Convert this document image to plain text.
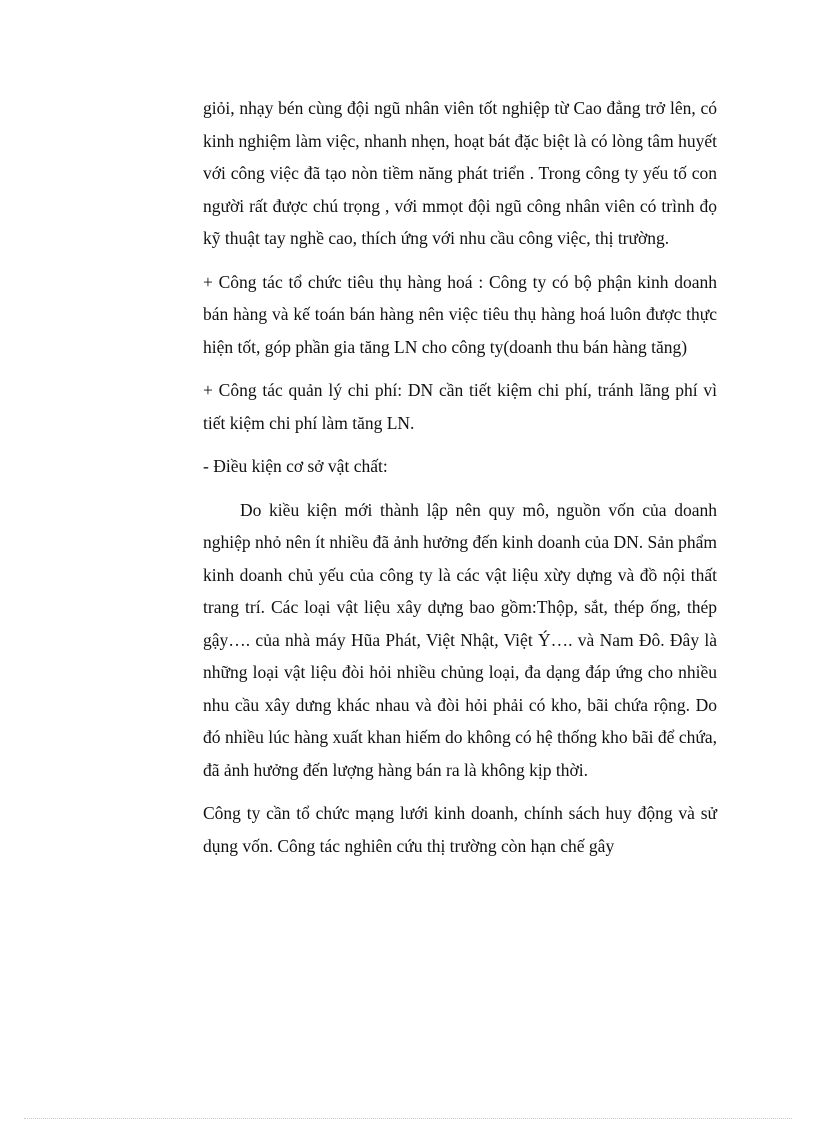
giỏi, nhạy bén cùng đội ngũ nhân viên tốt nghiệp từ Cao đẳng trở lên, có kinh nghiệm làm việc, nhanh nhẹn, hoạt bát đặc biệt là có lòng tâm huyết với công việc đã tạo nòn tiềm năng phát triển . Trong công ty yếu tố con người rất được chú trọng , với mmọt đội ngũ công nhân viên có trình đọ kỹ thuật tay nghề cao, thích ứng với nhu cầu công việc, thị trường.

+ Công tác tổ chức tiêu thụ hàng hoá : Công ty có bộ phận kinh doanh bán hàng và kế toán bán hàng nên việc tiêu thụ hàng hoá luôn được thực hiện tốt, góp phần gia tăng LN cho công ty(doanh thu bán hàng tăng)

+ Công tác quản lý chi phí: DN cần tiết kiệm chi phí, tránh lãng phí vì tiết kiệm chi phí làm tăng LN.

- Điều kiện cơ sở vật chất:

Do kiều kiện mới thành lập nên quy mô, nguồn vốn của doanh nghiệp nhỏ nên ít nhiều đã ảnh hưởng đến kinh doanh của DN. Sản phẩm kinh doanh chủ yếu của công ty là các vật liệu xừy dựng và đồ nội thất trang trí. Các loại vật liệu xây dựng bao gồm:Thộp, sắt, thép ống, thép gậy…. của nhà máy Hũa Phát, Việt Nhật, Việt Ý…. và Nam Đô. Đây là những loại vật liệu đòi hỏi nhiều chủng loại, đa dạng đáp ứng cho nhiều nhu cầu xây dưng khác nhau và đòi hỏi phải có kho, bãi chứa rộng. Do đó nhiều lúc hàng xuất khan hiếm do không có hệ thống kho bãi để chứa, đã ảnh hưởng đến lượng hàng bán ra là không kịp thời.

Công ty cần tổ chức mạng lưới kinh doanh, chính sách huy động và sử dụng vốn. Công tác nghiên cứu thị trường còn hạn chế gây
